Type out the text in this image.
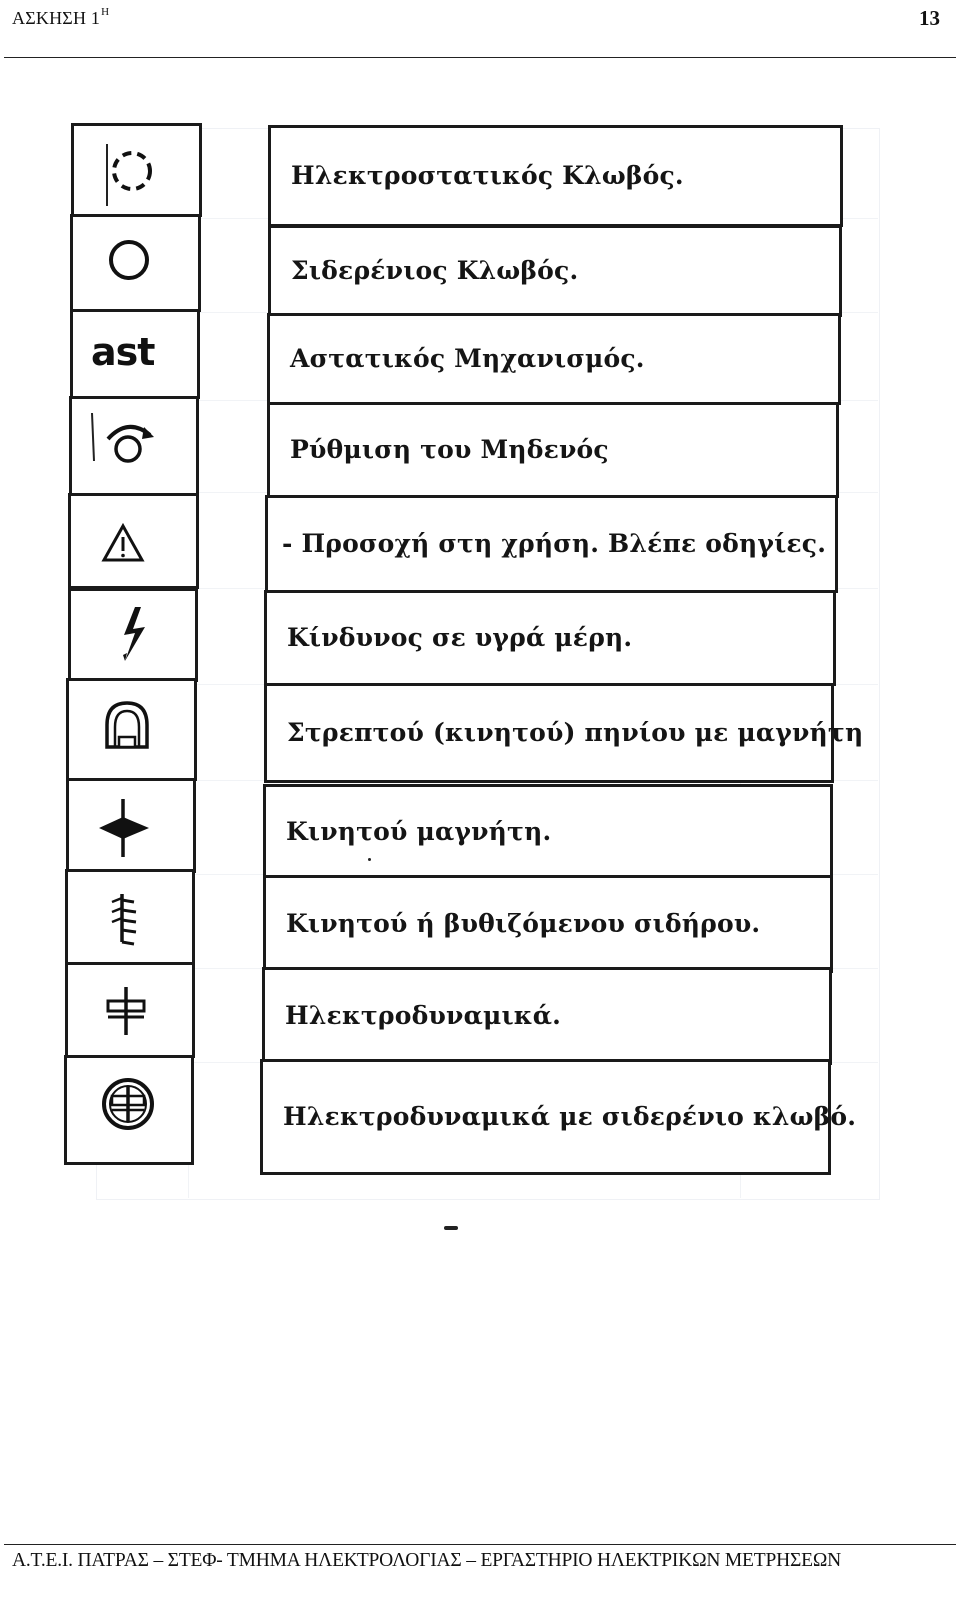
ΑΣΚΗΣΗ $1^H$	13
Ηλεκτροστατικός Κλωβός.
Σιδερένιος Κλωβός.
ast	Αστατικός Μηχανισμός.
Ρύθμιση του Μηδενός
- Προσοχή στη χρήση. Βλέπε οδηγίες.
Κίνδυνος σε υγρά μέρη.
Στρεπτού (κινητού) πηνίου με μαγνήτη
Κινητού μαγνήτη.
Κινητού ή βυθιζόμενου σιδήρου.
Ηλεκτροδυναμικά.
Ηλεκτροδυναμικά με σιδερένιο κλωβό.
Α.Τ.Ε.Ι. ΠΑΤΡΑΣ – ΣΤΕΦ- ΤΜΗΜΑ ΗΛΕΚΤΡΟΛΟΓΙΑΣ – ΕΡΓΑΣΤΗΡΙΟ ΗΛΕΚΤΡΙΚΩΝ ΜΕΤΡΗΣΕΩΝ
